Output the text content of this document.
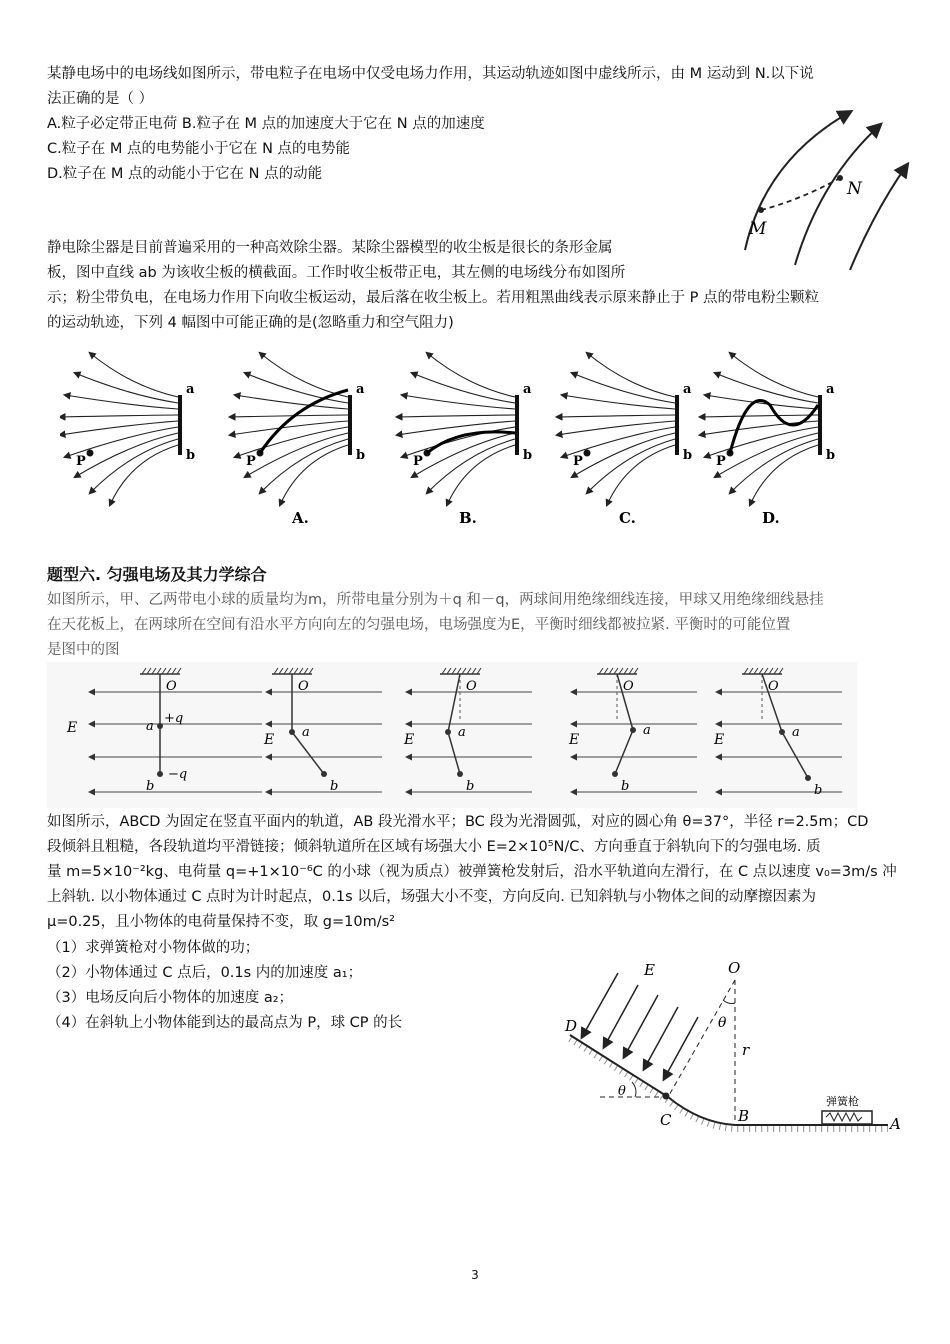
某静电场中的电场线如图所示，带电粒子在电场中仅受电场力作用，其运动轨迹如图中虚线所示，由 M 运动到 N.以下说

法正确的是（ ）

A.粒子必定带正电荷 B.粒子在 M 点的加速度大于它在 N 点的加速度

C.粒子在 M 点的电势能小于它在 N 点的电势能

D.粒子在 M 点的动能小于它在 N 点的动能

M
N

静电除尘器是目前普遍采用的一种高效除尘器。某除尘器模型的收尘板是很长的条形金属

板，图中直线 ab 为该收尘板的横截面。工作时收尘板带正电，其左侧的电场线分布如图所

示；粉尘带负电，在电场力作用下向收尘板运动，最后落在收尘板上。若用粗黑曲线表示原来静止于 P 点的带电粉尘颗粒

的运动轨迹，下列 4 幅图中可能正确的是(忽略重力和空气阻力)

a
b
P
a
b
P
A.
a
b
P
B.
a
b
P
C.
a
b
P
D.

题型六. 匀强电场及其力学综合

如图所示，甲、乙两带电小球的质量均为m，所带电量分别为＋q 和－q，两球间用绝缘细线连接，甲球又用绝缘细线悬挂

在天花板上，在两球所在空间有沿水平方向向左的匀强电场，电场强度为E，平衡时细线都被拉紧. 平衡时的可能位置

是图中的图

O
a
b
E
+q
−q
O
a
b
E
O
a
b
E
O
a
b
E
O
a
b
E

如图所示，ABCD 为固定在竖直平面内的轨道，AB 段光滑水平；BC 段为光滑圆弧，对应的圆心角 θ=37°，半径 r=2.5m；CD

段倾斜且粗糙，各段轨道均平滑链接；倾斜轨道所在区域有场强大小 E=2×10⁵N/C、方向垂直于斜轨向下的匀强电场. 质

量 m=5×10⁻²kg、电荷量 q=+1×10⁻⁶C 的小球（视为质点）被弹簧枪发射后，沿水平轨道向左滑行，在 C 点以速度 v₀=3m/s 冲

上斜轨. 以小物体通过 C 点时为计时起点，0.1s 以后，场强大小不变，方向反向. 已知斜轨与小物体之间的动摩擦因素为

μ=0.25，且小物体的电荷量保持不变，取 g=10m/s²

（1）求弹簧枪对小物体做的功；

（2）小物体通过 C 点后，0.1s 内的加速度 a₁；

（3）电场反向后小物体的加速度 a₂；

（4）在斜轨上小物体能到达的最高点为 P，球 CP 的长

E	O
θ
r
D
C	B	A
θ
弹簧枪
3
